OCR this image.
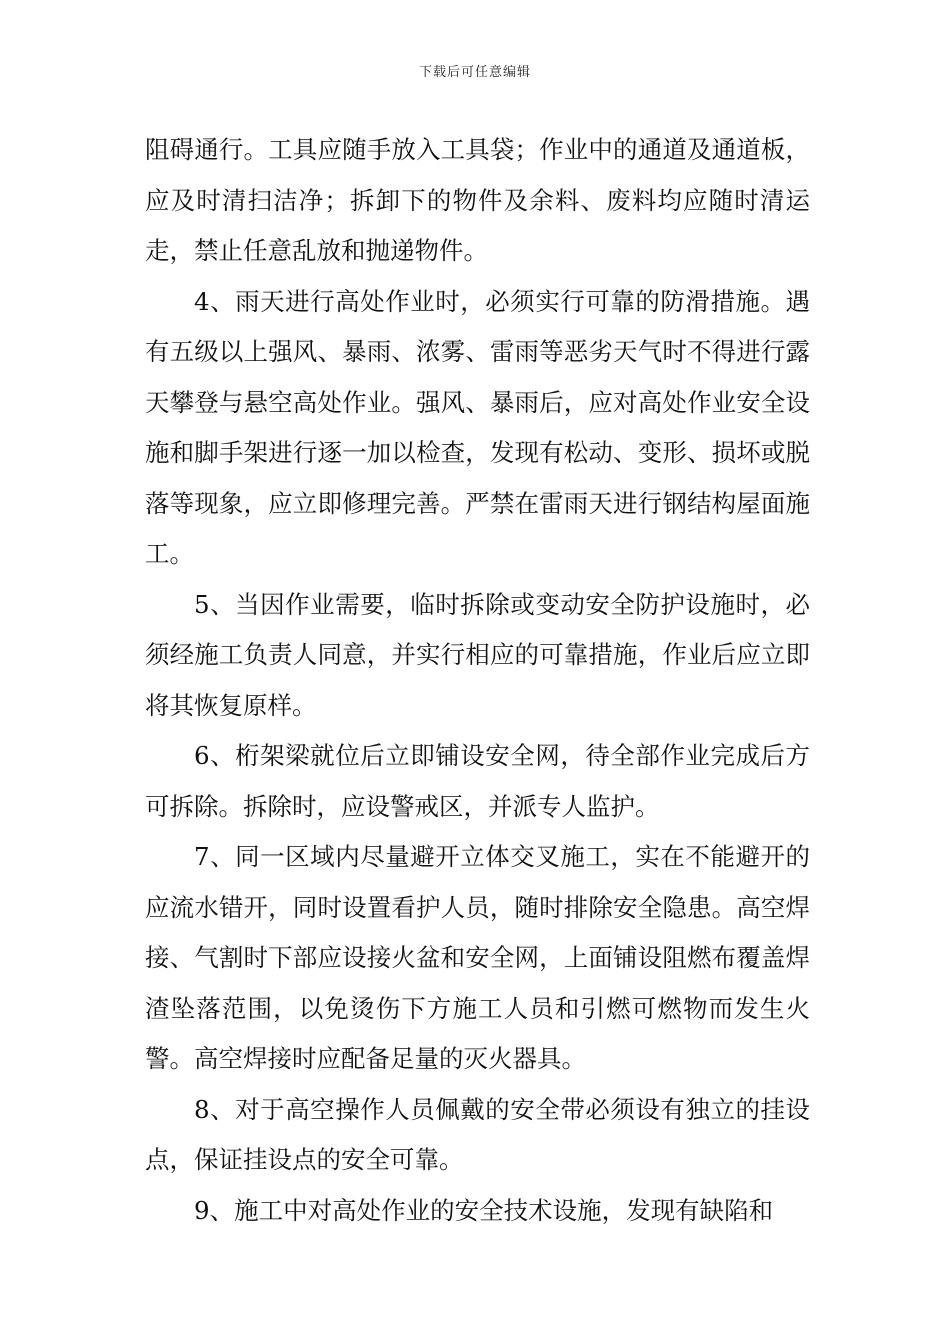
下载后可任意编辑

阻碍通行。工具应随手放入工具袋；作业中的通道及通道板，应及时清扫洁净；拆卸下的物件及余料、废料均应随时清运走，禁止任意乱放和抛递物件。

4、雨天进行高处作业时，必须实行可靠的防滑措施。遇有五级以上强风、暴雨、浓雾、雷雨等恶劣天气时不得进行露天攀登与悬空高处作业。强风、暴雨后，应对高处作业安全设施和脚手架进行逐一加以检查，发现有松动、变形、损坏或脱落等现象，应立即修理完善。严禁在雷雨天进行钢结构屋面施工。

5、当因作业需要，临时拆除或变动安全防护设施时，必须经施工负责人同意，并实行相应的可靠措施，作业后应立即将其恢复原样。

6、桁架梁就位后立即铺设安全网，待全部作业完成后方可拆除。拆除时，应设警戒区，并派专人监护。

7、同一区域内尽量避开立体交叉施工，实在不能避开的应流水错开，同时设置看护人员，随时排除安全隐患。高空焊接、气割时下部应设接火盆和安全网，上面铺设阻燃布覆盖焊渣坠落范围，以免烫伤下方施工人员和引燃可燃物而发生火警。高空焊接时应配备足量的灭火器具。

8、对于高空操作人员佩戴的安全带必须设有独立的挂设点，保证挂设点的安全可靠。

9、施工中对高处作业的安全技术设施，发现有缺陷和
